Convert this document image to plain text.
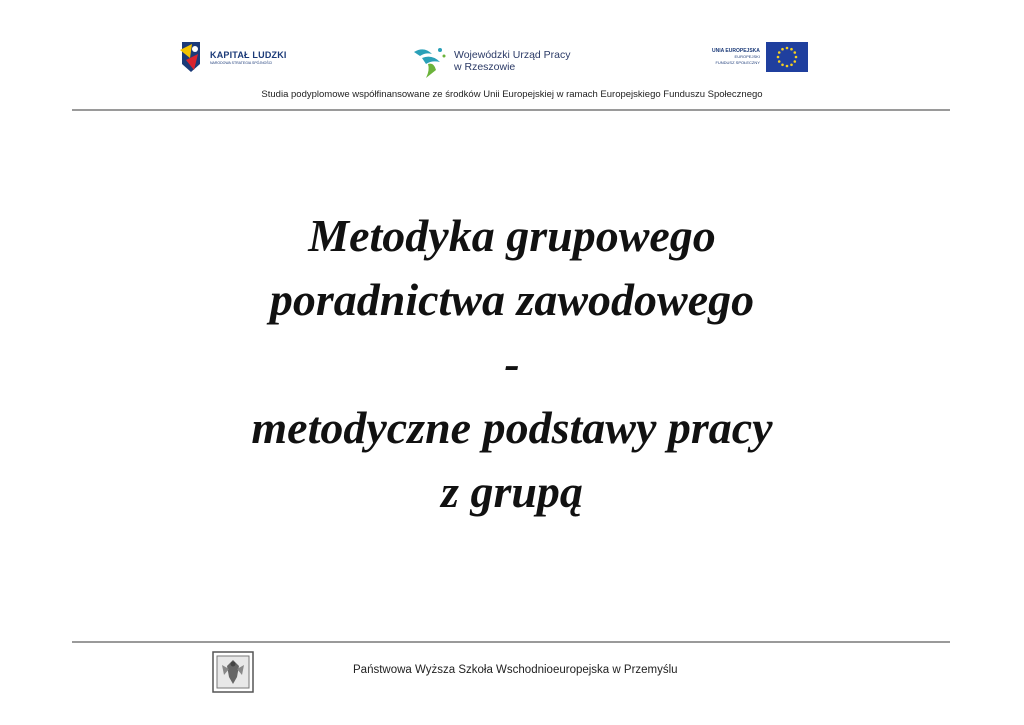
KAPITAŁ LUDZKI
NARODOWA STRATEGIA SPÓJNOŚCI
Wojewódzki Urząd Pracy
w Rzeszowie
UNIA EUROPEJSKA
EUROPEJSKI
FUNDUSZ SPOŁECZNY
Studia podyplomowe współfinansowane ze środków Unii Europejskiej w ramach Europejskiego Funduszu Społecznego
Metodyka grupowego
poradnictwa zawodowego
-
metodyczne podstawy pracy
z grupą
Państwowa Wyższa Szkoła Wschodnioeuropejska w Przemyślu
